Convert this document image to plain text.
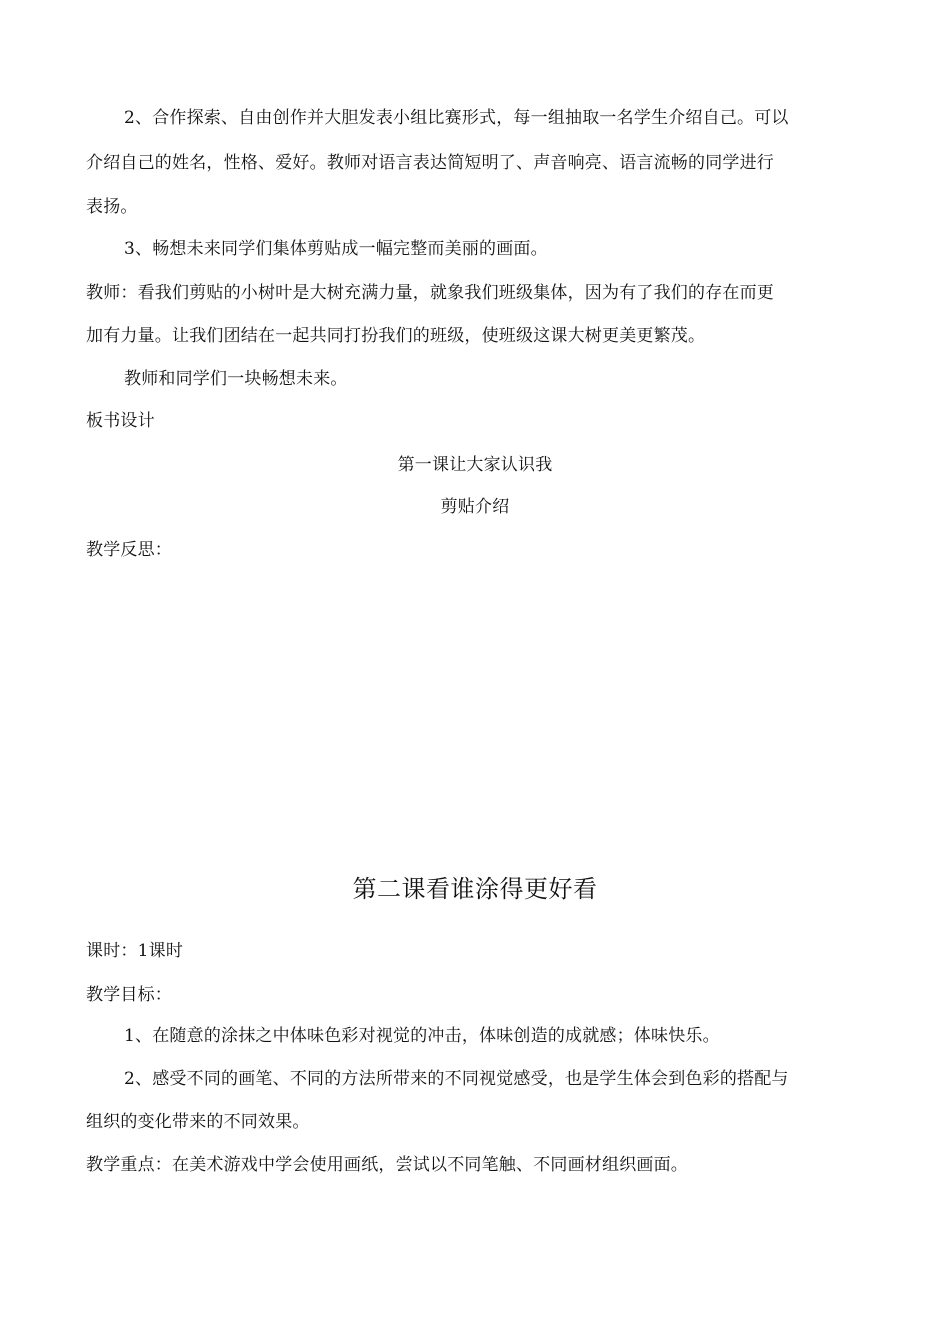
2、合作探索、自由创作并大胆发表小组比赛形式，每一组抽取一名学生介绍自己。可以
介绍自己的姓名，性格、爱好。教师对语言表达简短明了、声音响亮、语言流畅的同学进行
表扬。
3、畅想未来同学们集体剪贴成一幅完整而美丽的画面。
教师：看我们剪贴的小树叶是大树充满力量，就象我们班级集体，因为有了我们的存在而更
加有力量。让我们团结在一起共同打扮我们的班级，使班级这课大树更美更繁茂。
教师和同学们一块畅想未来。
板书设计
第一课让大家认识我
剪贴介绍
教学反思：
第二课看谁涂得更好看
课时：1课时
教学目标：
1、在随意的涂抹之中体味色彩对视觉的冲击，体味创造的成就感；体味快乐。
2、感受不同的画笔、不同的方法所带来的不同视觉感受，也是学生体会到色彩的搭配与
组织的变化带来的不同效果。
教学重点：在美术游戏中学会使用画纸，尝试以不同笔触、不同画材组织画面。
